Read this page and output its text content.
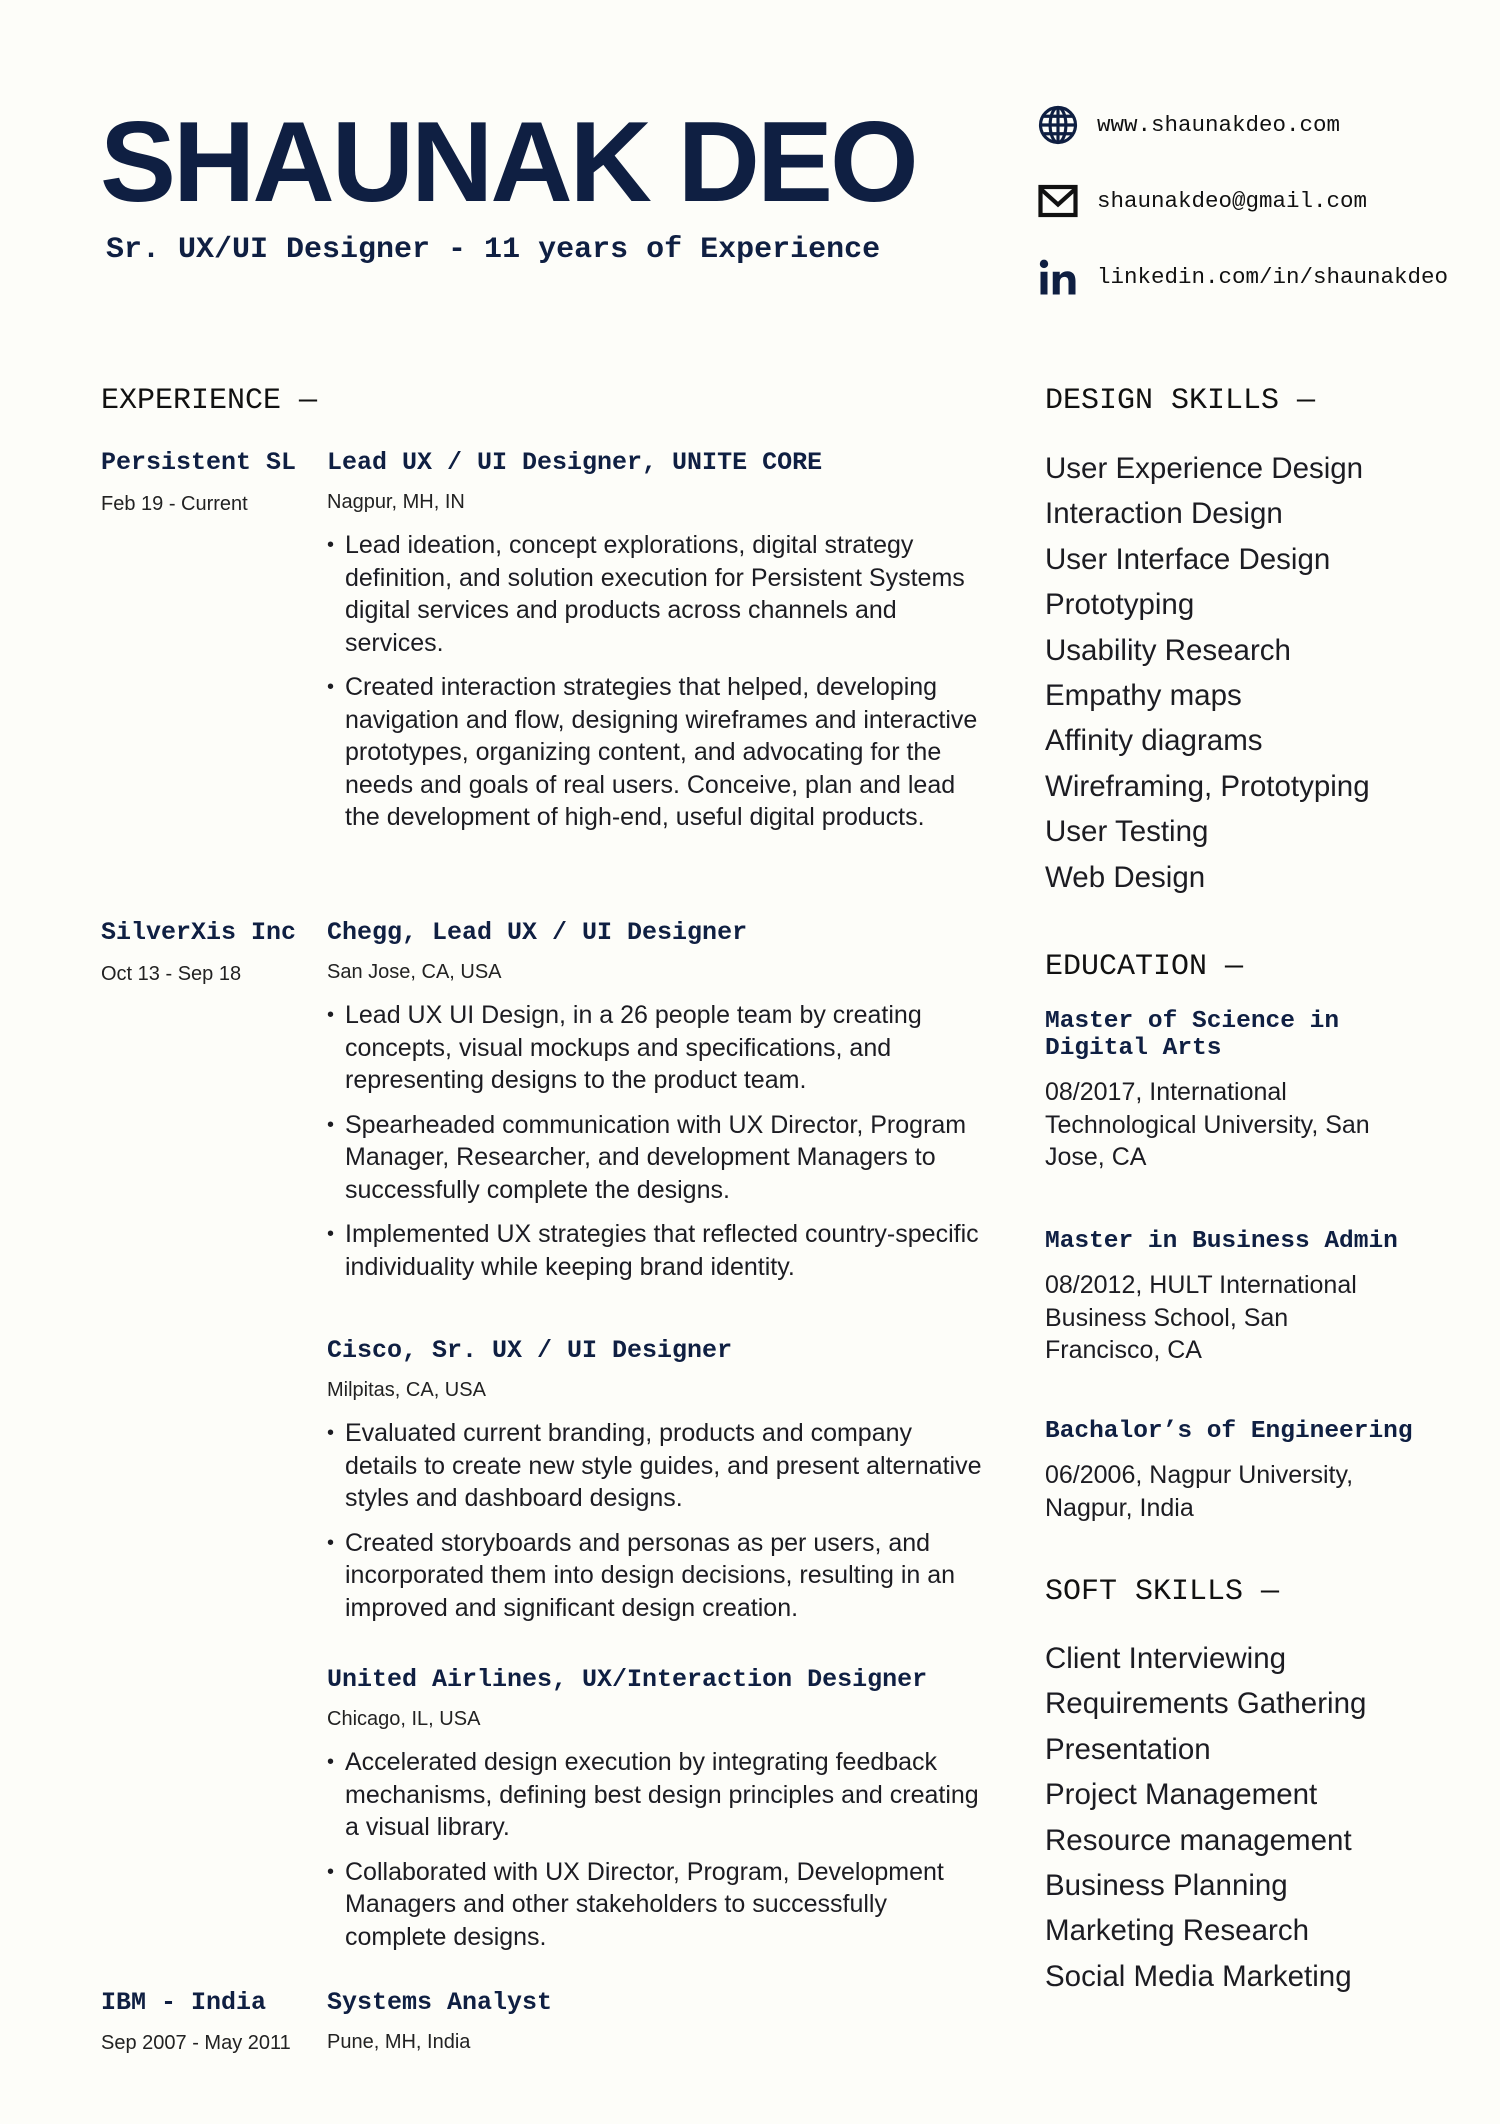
SHAUNAK DEO
Sr. UX/UI Designer - 11 years of Experience
www.shaunakdeo.com
shaunakdeo@gmail.com
linkedin.com/in/shaunakdeo
EXPERIENCE —	DESIGN SKILLS —
Persistent SL
Feb 19 - Current
SilverXis Inc
Oct 13 - Sep 18
IBM - India
Sep 2007 - May 2011
Lead UX / UI Designer, UNITE CORE
Nagpur, MH, IN
• Lead ideation, concept explorations, digital strategy definition, and solution execution for Persistent Systems digital services and products across channels and services.
• Created interaction strategies that helped, developing navigation and flow, designing wireframes and interactive prototypes, organizing content, and advocating for the needs and goals of real users. Conceive, plan and lead the development of high-end, useful digital products.
Chegg, Lead UX / UI Designer
San Jose, CA, USA
• Lead UX UI Design, in a 26 people team by creating concepts, visual mockups and specifications, and representing designs to the product team.
• Spearheaded communication with UX Director, Program Manager, Researcher, and development Managers to successfully complete the designs.
• Implemented UX strategies that reflected country-specific individuality while keeping brand identity.
Cisco, Sr. UX / UI Designer
Milpitas, CA, USA
• Evaluated current branding, products and company details to create new style guides, and present alternative styles and dashboard designs.
• Created storyboards and personas as per users, and incorporated them into design decisions, resulting in an improved and significant design creation.
United Airlines, UX/Interaction Designer
Chicago, IL, USA
• Accelerated design execution by integrating feedback mechanisms, defining best design principles and creating a visual library.
• Collaborated with UX Director, Program, Development Managers and other stakeholders to successfully complete designs.
Systems Analyst
Pune, MH, India
User Experience Design
Interaction Design
User Interface Design
Prototyping
Usability Research
Empathy maps
Affinity diagrams
Wireframing, Prototyping
User Testing
Web Design
EDUCATION —
Master of Science in Digital Arts
08/2017, International Technological University, San Jose, CA
Master in Business Admin
08/2012, HULT International Business School, San Francisco, CA
Bachalor’s of Engineering
06/2006, Nagpur University, Nagpur, India
SOFT SKILLS —
Client Interviewing
Requirements Gathering
Presentation
Project Management
Resource management
Business Planning
Marketing Research
Social Media Marketing
